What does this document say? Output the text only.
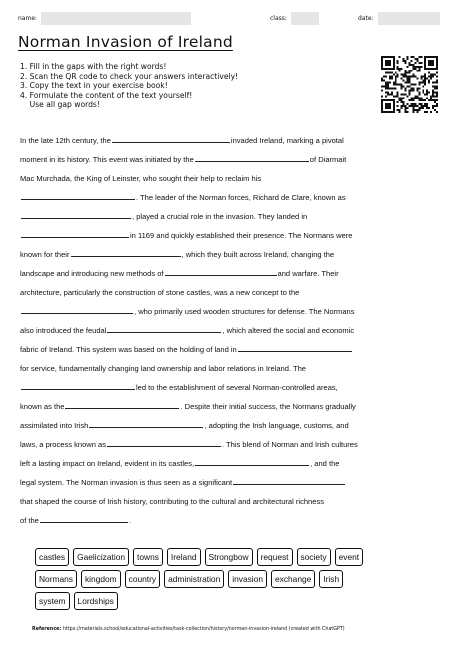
name:	class:	date:
Norman Invasion of Ireland
1. Fill in the gaps with the right words!
2. Scan the QR code to check your answers interactively!
3. Copy the text in your exercise book!
4. Formulate the content of the text yourself!
Use all gap words!
In the late 12th century, the	invaded Ireland, marking a pivotal
moment in its history. This event was initiated by the	of Diarmait
Mac Murchada, the King of Leinster, who sought their help to reclaim his
. The leader of the Norman forces, Richard de Clare, known as
, played a crucial role in the invasion. They landed in
in 1169 and quickly established their presence. The Normans were
known for their	, which they built across Ireland, changing the
landscape and introducing new methods of	and warfare. Their
architecture, particularly the construction of stone castles, was a new concept to the
, who primarily used wooden structures for defense. The Normans
also introduced the feudal	, which altered the social and economic
fabric of Ireland. This system was based on the holding of land in
for service, fundamentally changing land ownership and labor relations in Ireland. The
led to the establishment of several Norman-controlled areas,
known as the	. Despite their initial success, the Normans gradually
assimilated into Irish	, adopting the Irish language, customs, and
laws, a process known as	. This blend of Norman and Irish cultures
left a lasting impact on Ireland, evident in its castles,	, and the
legal system. The Norman invasion is thus seen as a significant
that shaped the course of Irish history, contributing to the cultural and architectural richness
of the	.
castles	Gaelicization	towns	Ireland	Strongbow	request	society	event
Normans	kingdom	country	administration	invasion	exchange	Irish
system	Lordships
Reference: https://materials.school/educational-activities/task-collection/history/norman-invasion-ireland (created with ChatGPT)
